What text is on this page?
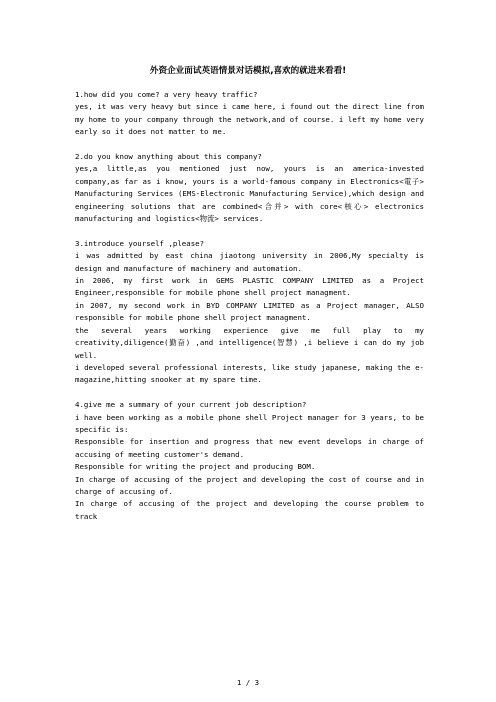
外资企业面试英语情景对话模拟,喜欢的就进来看看!

1.how did you come? a very heavy traffic?

yes, it was very heavy but since i came here, i found out the direct line from my home to your company through the network,and of course. i left my home very early so it does not matter to me.

2.do you know anything about this company?

yes,a little,as you mentioned just now, yours is an america-invested company,as far as i know, yours is a world-famous company in Electronics<電子> Manufacturing Services (EMS-Electronic Manufacturing Service),which design and engineering solutions that are combined<合并> with core<核心> electronics manufacturing and logistics<物流> services.

3.introduce yourself ,please?

i was admitted by east china jiaotong university in 2006,My specialty is design and manufacture of machinery and automation.

in 2006, my first work in GEMS PLASTIC COMPANY LIMITED as a Project Engineer,responsible for mobile phone shell project managment.

in 2007, my second work in BYD COMPANY LIMITED as a Project manager, ALSO responsible for mobile phone shell project managment.

the several years working experience give me full play to my creativity,diligence(勤奋) ,and intelligence(智慧) ,i believe i can do my job well.

i developed several professional interests, like study japanese, making the e-magazine,hitting snooker at my spare time.

4.give me a summary of your current job description?

i have been working as a mobile phone shell Project manager for 3 years, to be specific is:

Responsible for insertion and progress that new event develops in charge of accusing of meeting customer's demand.

Responsible for writing the project and producing BOM.

In charge of accusing of the project and developing the cost of course and in charge of accusing of.

In charge of accusing of the project and developing the course problem to track

1 / 3
